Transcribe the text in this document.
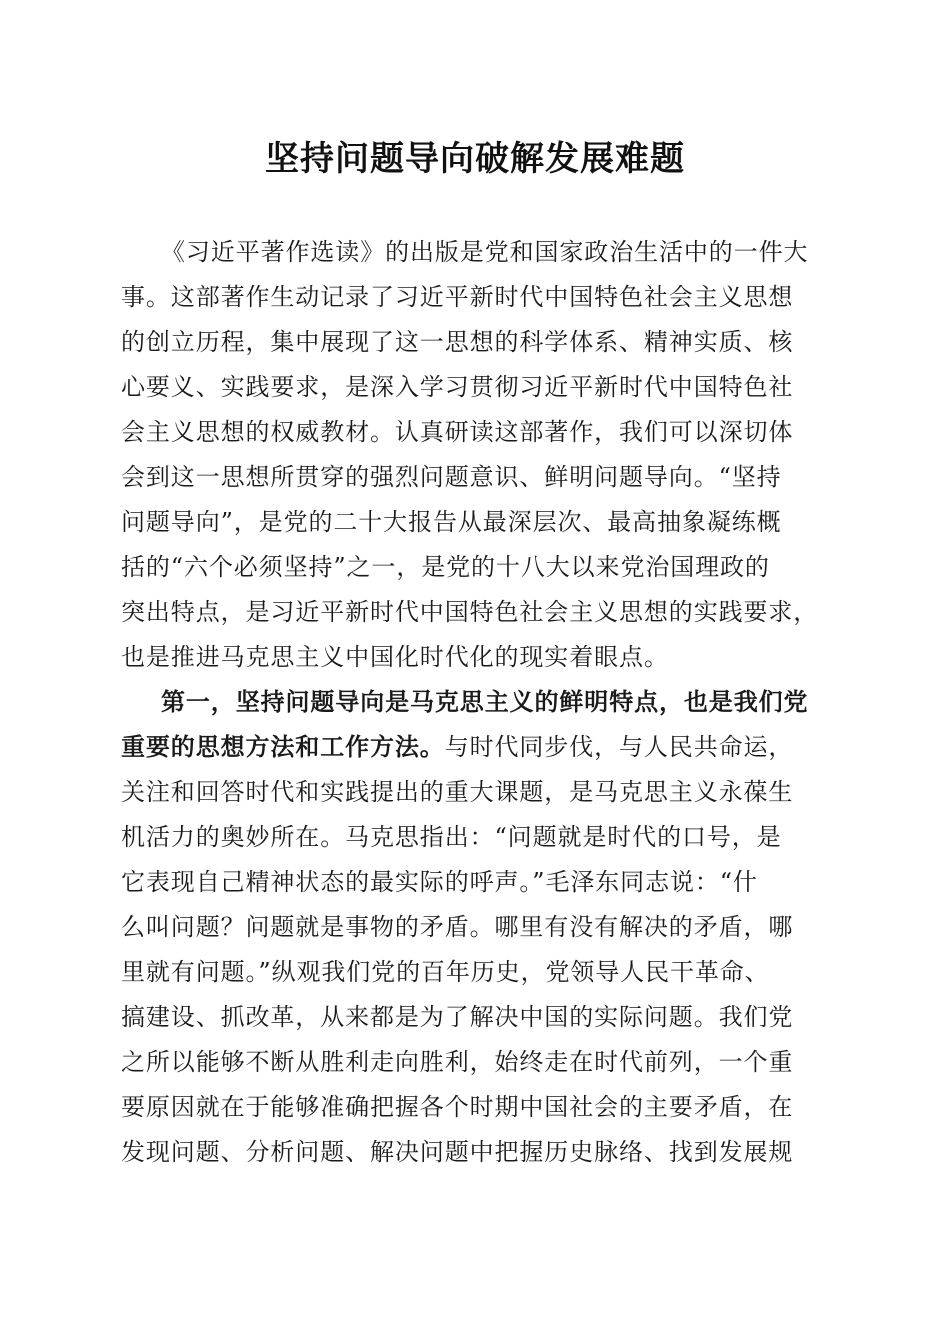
坚持问题导向破解发展难题
《习近平著作选读》的出版是党和国家政治生活中的一件大
事。这部著作生动记录了习近平新时代中国特色社会主义思想
的创立历程，集中展现了这一思想的科学体系、精神实质、核
心要义、实践要求，是深入学习贯彻习近平新时代中国特色社
会主义思想的权威教材。认真研读这部著作，我们可以深切体
会到这一思想所贯穿的强烈问题意识、鲜明问题导向。“坚持
问题导向”，是党的二十大报告从最深层次、最高抽象凝练概
括的“六个必须坚持”之一，是党的十八大以来党治国理政的
突出特点，是习近平新时代中国特色社会主义思想的实践要求，
也是推进马克思主义中国化时代化的现实着眼点。
第一，坚持问题导向是马克思主义的鲜明特点，也是我们党
重要的思想方法和工作方法。与时代同步伐，与人民共命运，
关注和回答时代和实践提出的重大课题，是马克思主义永葆生
机活力的奥妙所在。马克思指出：“问题就是时代的口号，是
它表现自己精神状态的最实际的呼声。”毛泽东同志说：“什
么叫问题？问题就是事物的矛盾。哪里有没有解决的矛盾，哪
里就有问题。”纵观我们党的百年历史，党领导人民干革命、
搞建设、抓改革，从来都是为了解决中国的实际问题。我们党
之所以能够不断从胜利走向胜利，始终走在时代前列，一个重
要原因就在于能够准确把握各个时期中国社会的主要矛盾，在
发现问题、分析问题、解决问题中把握历史脉络、找到发展规
